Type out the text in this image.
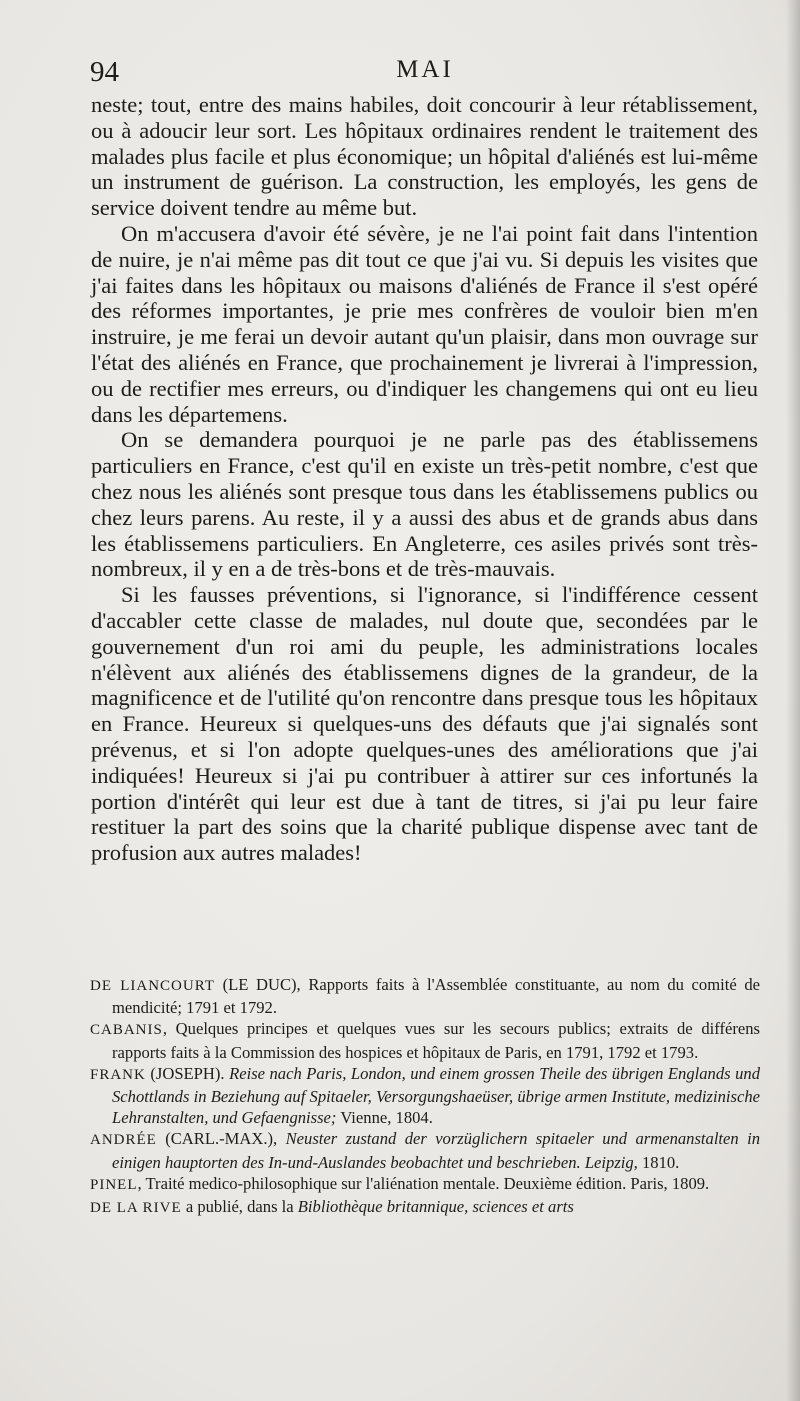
94	MAI

neste; tout, entre des mains habiles, doit concourir à leur rétablissement, ou à adoucir leur sort. Les hôpitaux ordinaires rendent le traitement des malades plus facile et plus économique; un hôpital d'aliénés est lui-même un instrument de guérison. La construction, les employés, les gens de service doivent tendre au même but.

On m'accusera d'avoir été sévère, je ne l'ai point fait dans l'intention de nuire, je n'ai même pas dit tout ce que j'ai vu. Si depuis les visites que j'ai faites dans les hôpitaux ou maisons d'aliénés de France il s'est opéré des réformes importantes, je prie mes confrères de vouloir bien m'en instruire, je me ferai un devoir autant qu'un plaisir, dans mon ouvrage sur l'état des aliénés en France, que prochainement je livrerai à l'impression, ou de rectifier mes erreurs, ou d'indiquer les changemens qui ont eu lieu dans les départemens.

On se demandera pourquoi je ne parle pas des établissemens particuliers en France, c'est qu'il en existe un très-petit nombre, c'est que chez nous les aliénés sont presque tous dans les établissemens publics ou chez leurs parens. Au reste, il y a aussi des abus et de grands abus dans les établissemens particuliers. En Angleterre, ces asiles privés sont très-nombreux, il y en a de très-bons et de très-mauvais.

Si les fausses préventions, si l'ignorance, si l'indifférence cessent d'accabler cette classe de malades, nul doute que, secondées par le gouvernement d'un roi ami du peuple, les administrations locales n'élèvent aux aliénés des établissemens dignes de la grandeur, de la magnificence et de l'utilité qu'on rencontre dans presque tous les hôpitaux en France. Heureux si quelques-uns des défauts que j'ai signalés sont prévenus, et si l'on adopte quelques-unes des améliorations que j'ai indiquées! Heureux si j'ai pu contribuer à attirer sur ces infortunés la portion d'intérêt qui leur est due à tant de titres, si j'ai pu leur faire restituer la part des soins que la charité publique dispense avec tant de profusion aux autres malades!

DE LIANCOURT (LE DUC), Rapports faits à l'Assemblée constituante, au nom du comité de mendicité; 1791 et 1792.

CABANIS, Quelques principes et quelques vues sur les secours publics; extraits de différens rapports faits à la Commission des hospices et hôpitaux de Paris, en 1791, 1792 et 1793.

FRANK (JOSEPH). Reise nach Paris, London, und einem grossen Theile des übrigen Englands und Schottlands in Beziehung auf Spitaeler, Versorgungshaeüser, übrige armen Institute, medizinische Lehranstalten, und Gefaengnisse; Vienne, 1804.

ANDRÉE (CARL.-MAX.), Neuster zustand der vorzüglichern spitaeler und armenanstalten in einigen hauptorten des In-und-Auslandes beobachtet und beschrieben. Leipzig, 1810.

PINEL, Traité medico-philosophique sur l'aliénation mentale. Deuxième édition. Paris, 1809.

DE LA RIVE a publié, dans la Bibliothèque britannique, sciences et arts
